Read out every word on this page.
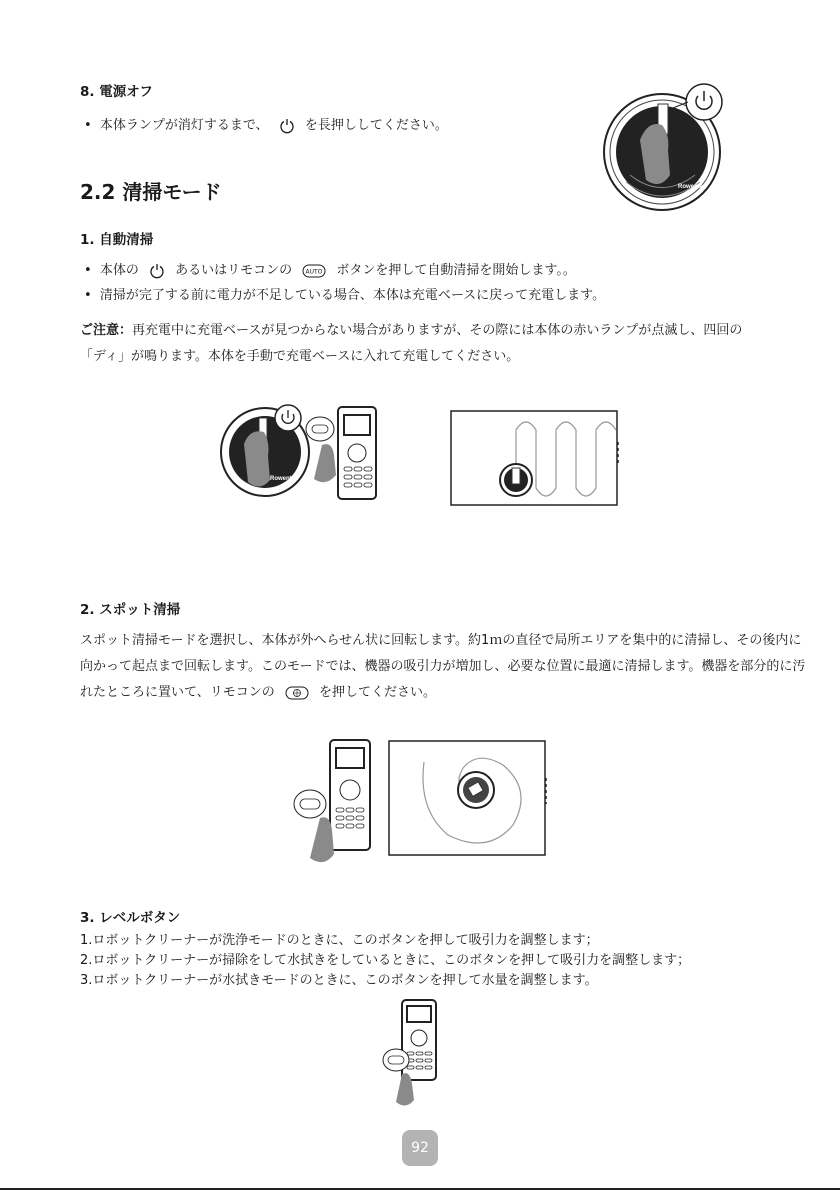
8. 電源オフ
• 本体ランプが消灯するまで、	を長押ししてください。
Rowenta
2.2 清掃モード
1. 自動清掃
• 本体の	あるいはリモコンの AUTO ボタンを押して自動清掃を開始します。。
• 清掃が完了する前に電力が不足している場合、本体は充電ベースに戻って充電します。
ご注意：再充電中に充電ベースが見つからない場合がありますが、その際には本体の赤いランプが点滅し、四回の「ディ」が鳴ります。本体を手動で充電ベースに入れて充電してください。
Rowenta
2. スポット清掃
スポット清掃モードを選択し、本体が外へらせん状に回転します。約1ｍの直径で局所エリアを集中的に清掃し、その後内に向かって起点まで回転します。このモードでは、機器の吸引力が増加し、必要な位置に最適に清掃します。機器を部分的に汚れたところに置いて、リモコンの	を押してください。
3. レベルボタン
1.ロボットクリーナーが洗浄モードのときに、このボタンを押して吸引力を調整します；
2.ロボットクリーナーが掃除をして水拭きをしているときに、このボタンを押して吸引力を調整します；
3.ロボットクリーナーが水拭きモードのときに、このボタンを押して水量を調整します。
92
